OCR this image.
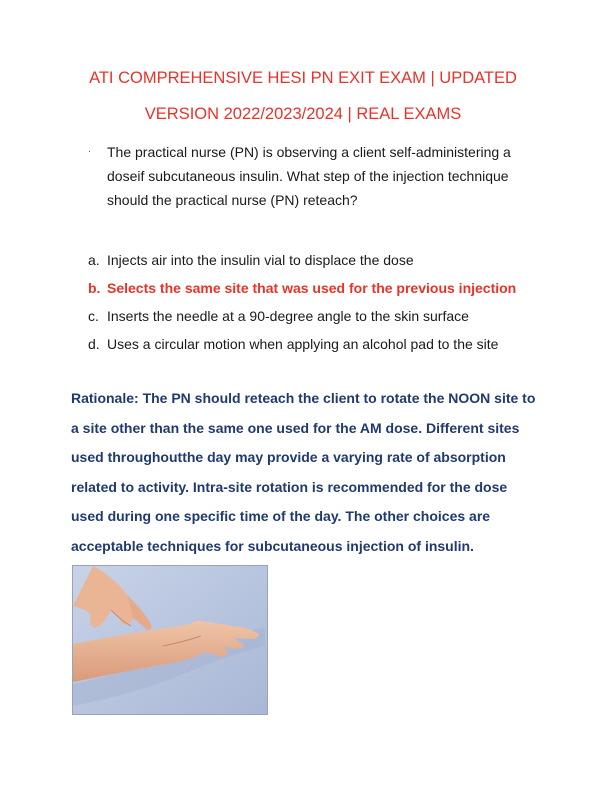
ATI COMPREHENSIVE HESI PN EXIT EXAM | UPDATED
VERSION 2022/2023/2024 | REAL EXAMS
· The practical nurse (PN) is observing a client self-administering a doseif subcutaneous insulin. What step of the injection technique should the practical nurse (PN) reteach?
a. Injects air into the insulin vial to displace the dose
b. Selects the same site that was used for the previous injection
c. Inserts the needle at a 90-degree angle to the skin surface
d. Uses a circular motion when applying an alcohol pad to the site
Rationale: The PN should reteach the client to rotate the NOON site to a site other than the same one used for the AM dose. Different sites used throughoutthe day may provide a varying rate of absorption related to activity. Intra-site rotation is recommended for the dose used during one specific time of the day. The other choices are acceptable techniques for subcutaneous injection of insulin.
